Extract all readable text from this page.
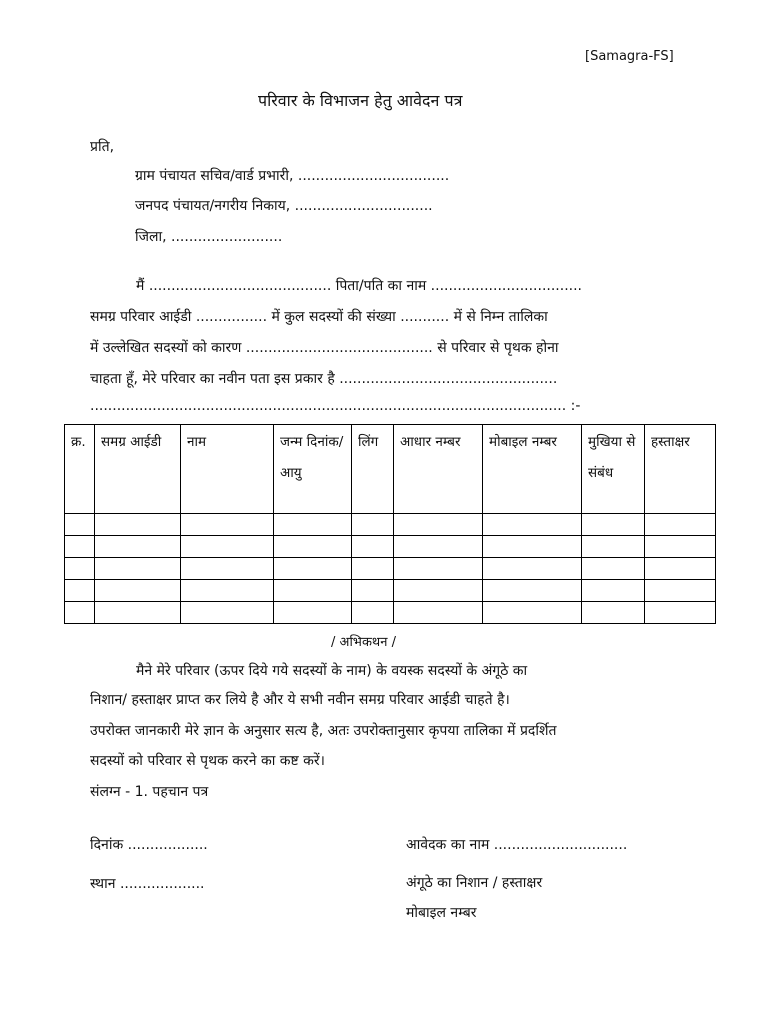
[Samagra-FS]
परिवार के विभाजन हेतु आवेदन पत्र
प्रति,
ग्राम पंचायत सचिव/वार्ड प्रभारी, ..................................
जनपद पंचायत/नगरीय निकाय, ...............................
जिला, .........................
मैं ......................................... पिता/पति का नाम ..................................
समग्र परिवार आईडी ................ में कुल सदस्यों की संख्या ........... में से निम्न तालिका
में उल्लेखित सदस्यों को कारण .......................................... से परिवार से पृथक होना
चाहता हूँ, मेरे परिवार का नवीन पता इस प्रकार है .................................................
........................................................................................................... :-
क्र.	समग्र आईडी	नाम	जन्म दिनांक/ आयु	लिंग	आधार नम्बर	मोबाइल नम्बर	मुखिया से संबंध	हस्ताक्षर

/ अभिकथन /
मैने मेरे परिवार (ऊपर दिये गये सदस्यों के नाम) के वयस्क सदस्यों के अंगूठे का
निशान/ हस्ताक्षर प्राप्त कर लिये है और ये सभी नवीन समग्र परिवार आईडी चाहते है।
उपरोक्त जानकारी मेरे ज्ञान के अनुसार सत्य है, अतः उपरोक्तानुसार कृपया तालिका में प्रदर्शित
सदस्यों को परिवार से पृथक करने का कष्ट करें।
संलग्न - 1. पहचान पत्र
दिनांक ..................
स्थान ...................
आवेदक का नाम ..............................
अंगूठे का निशान / हस्ताक्षर
मोबाइल नम्बर
